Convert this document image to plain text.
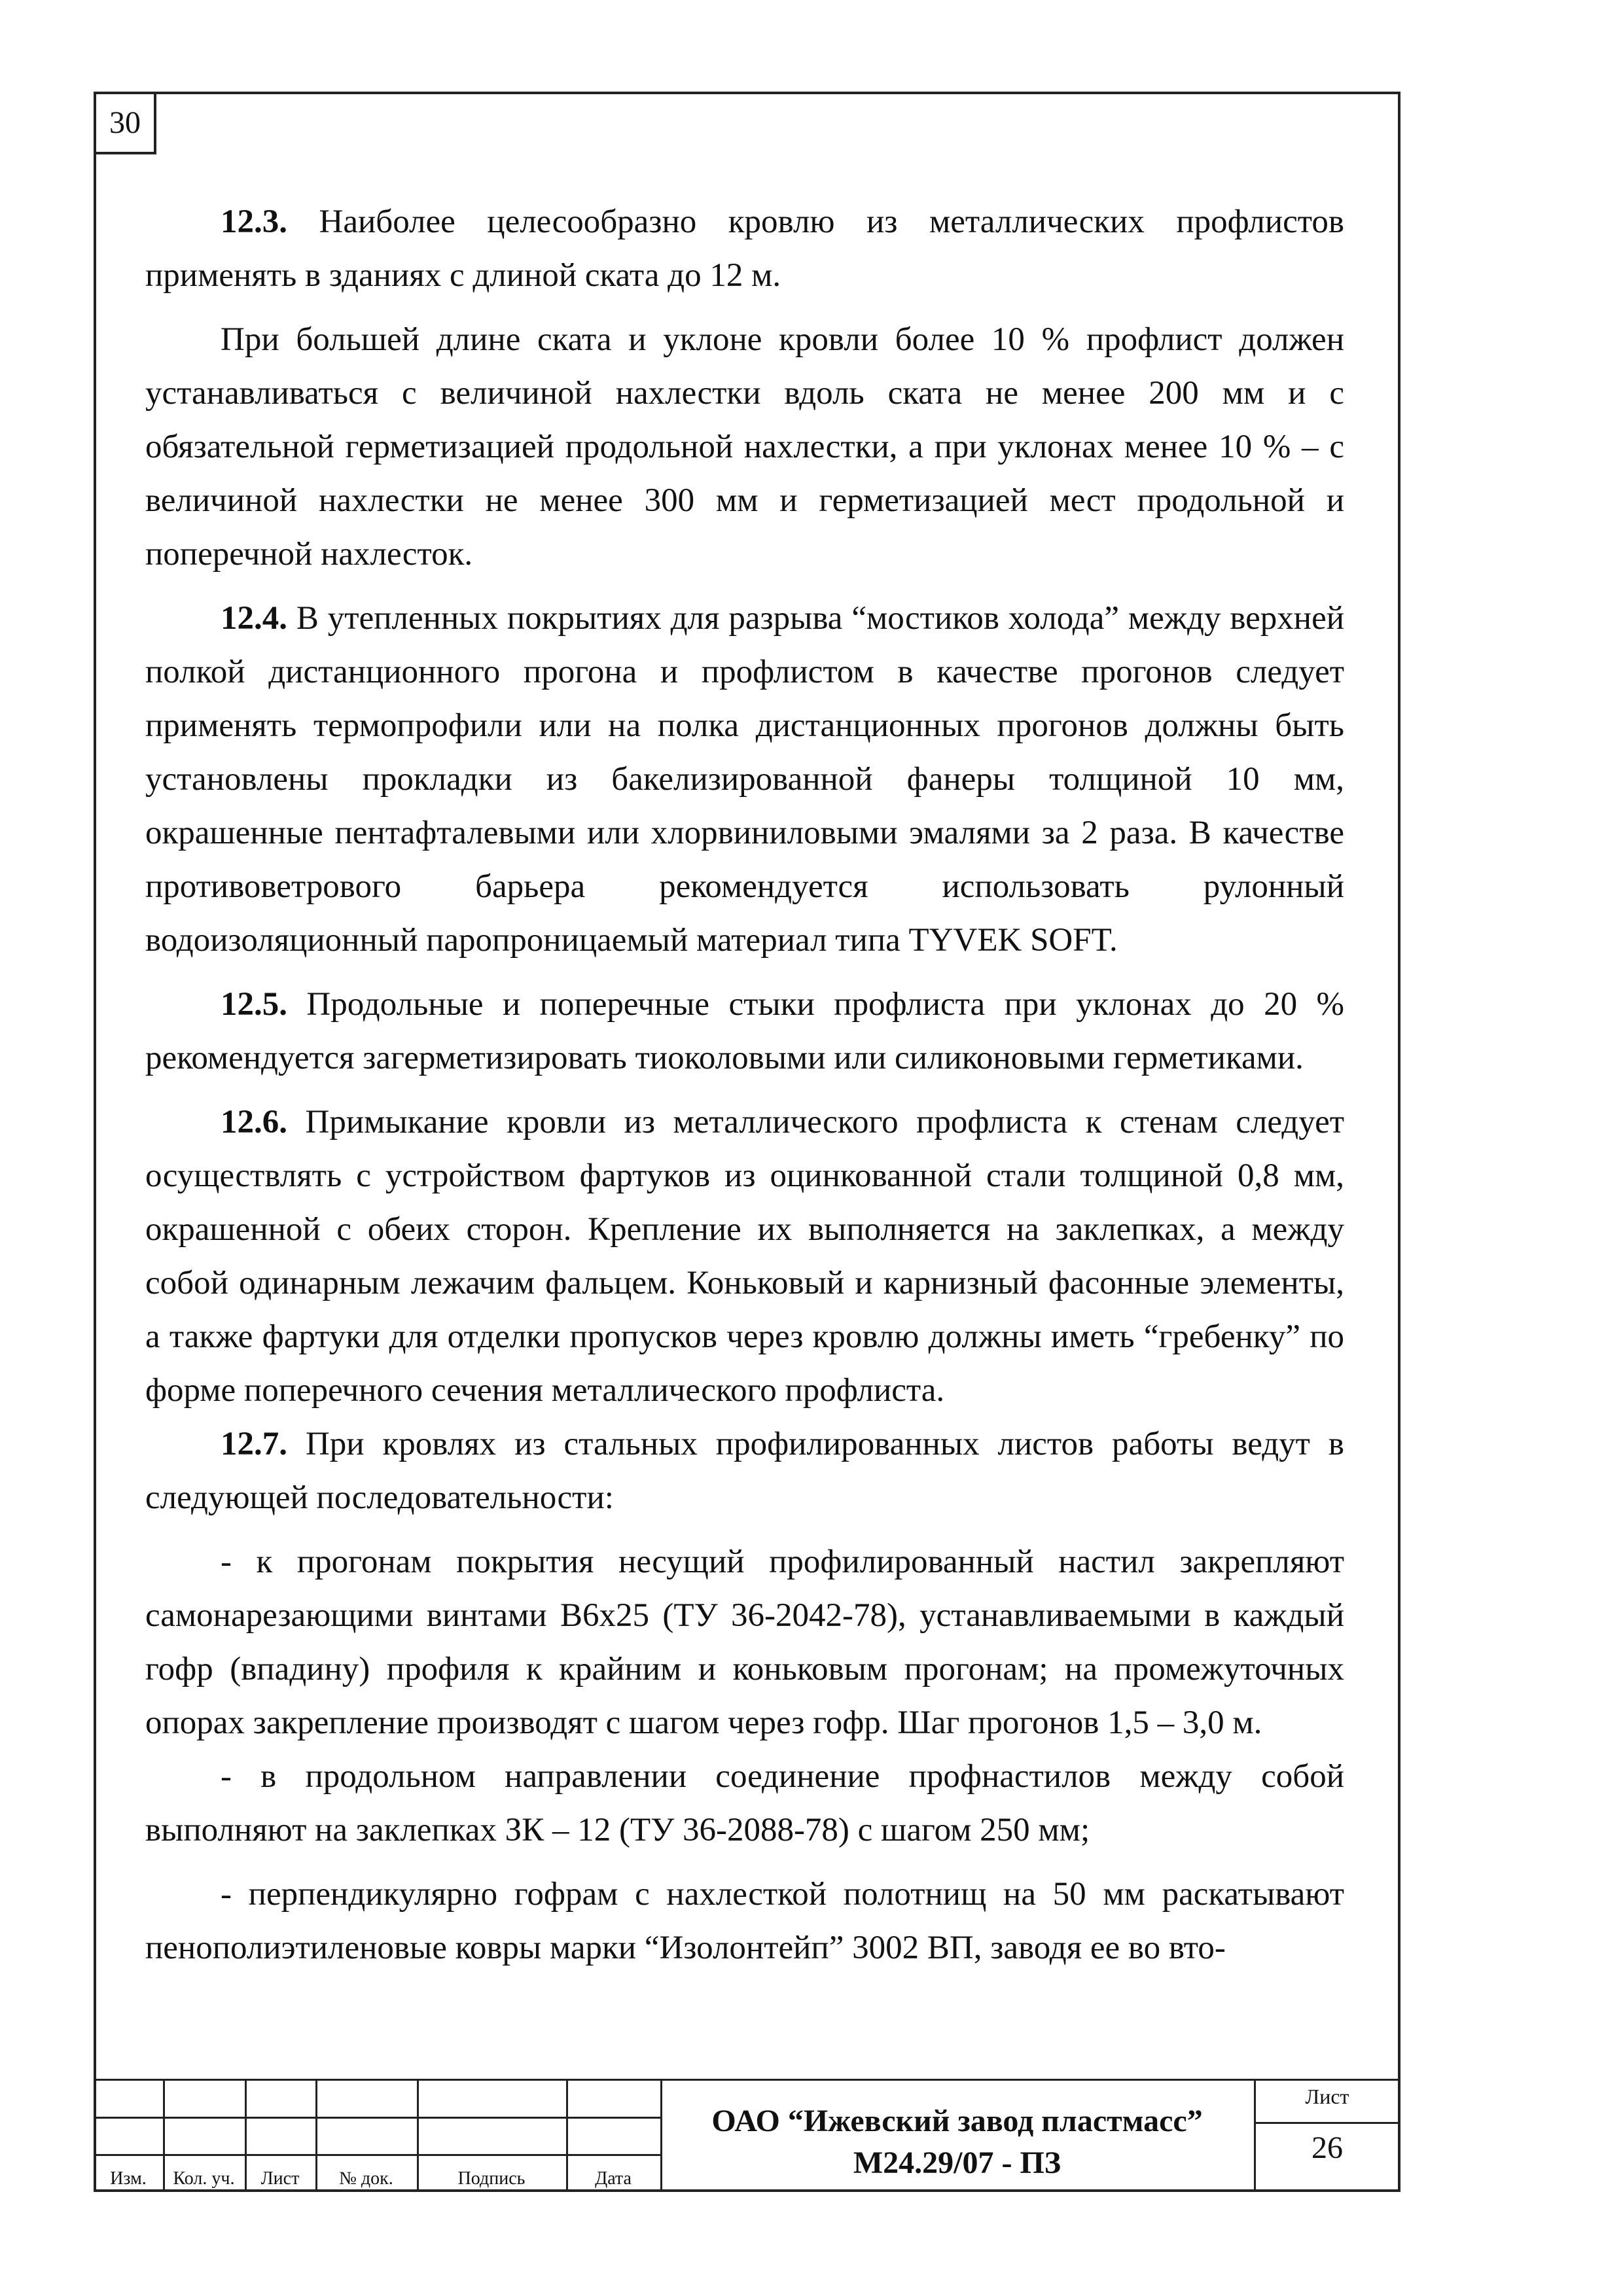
30

12.3. Наиболее целесообразно кровлю из металлических профлистов применять в зданиях с длиной ската до 12 м.

При большей длине ската и уклоне кровли более 10 % профлист должен устанавливаться с величиной нахлестки вдоль ската не менее 200 мм и с обязательной герметизацией продольной нахлестки, а при уклонах менее 10 % – с величиной нахлестки не менее 300 мм и герметизацией мест продольной и поперечной нахлесток.

12.4. В утепленных покрытиях для разрыва “мостиков холода” между верхней полкой дистанционного прогона и профлистом в качестве прогонов следует применять термопрофили или на полка дистанционных прогонов должны быть установлены прокладки из бакелизированной фанеры толщиной 10 мм, окрашенные пентафталевыми или хлорвиниловыми эмалями за 2 раза. В качестве противоветрового барьера рекомендуется использовать рулонный водоизоляционный паропроницаемый материал типа TYVEK SOFT.

12.5. Продольные и поперечные стыки профлиста при уклонах до 20 % рекомендуется загерметизировать тиоколовыми или силиконовыми герметиками.

12.6. Примыкание кровли из металлического профлиста к стенам следует осуществлять с устройством фартуков из оцинкованной стали толщиной 0,8 мм, окрашенной с обеих сторон. Крепление их выполняется на заклепках, а между собой одинарным лежачим фальцем. Коньковый и карнизный фасонные элементы, а также фартуки для отделки пропусков через кровлю должны иметь “гребенку” по форме поперечного сечения металлического профлиста.

12.7. При кровлях из стальных профилированных листов работы ведут в следующей последовательности:

- к прогонам покрытия несущий профилированный настил закрепляют самонарезающими винтами В6х25 (ТУ 36-2042-78), устанавливаемыми в каждый гофр (впадину) профиля к крайним и коньковым прогонам; на промежуточных опорах закрепление производят с шагом через гофр. Шаг прогонов 1,5 – 3,0 м.

- в продольном направлении соединение профнастилов между собой выполняют на заклепках ЗК – 12 (ТУ 36-2088-78) с шагом 250 мм;

- перпендикулярно гофрам с нахлесткой полотнищ на 50 мм раскатывают пенополиэтиленовые ковры марки “Изолонтейп” 3002 ВП, заводя ее во вто-

Изм.	Кол. уч.	Лист	№ док.	Подпись	Дата
ОАО “Ижевский завод пластмасс”
М24.29/07 - ПЗ
Лист
26
